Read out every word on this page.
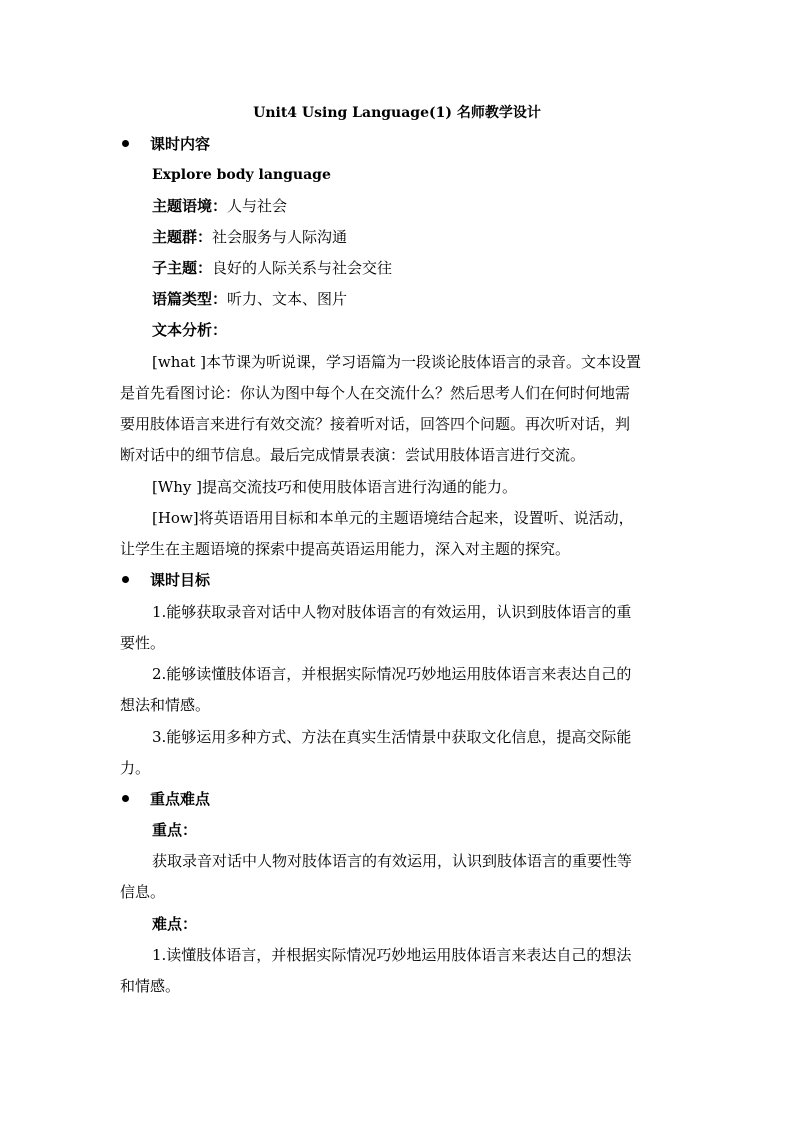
Unit4 Using Language(1) 名师教学设计
课时内容
Explore body language
主题语境：人与社会
主题群：社会服务与人际沟通
子主题：良好的人际关系与社会交往
语篇类型：听力、文本、图片
文本分析：
[what ]本节课为听说课，学习语篇为一段谈论肢体语言的录音。文本设置
是首先看图讨论：你认为图中每个人在交流什么？然后思考人们在何时何地需
要用肢体语言来进行有效交流？接着听对话，回答四个问题。再次听对话，判
断对话中的细节信息。最后完成情景表演：尝试用肢体语言进行交流。
[Why ]提高交流技巧和使用肢体语言进行沟通的能力。
[How]将英语语用目标和本单元的主题语境结合起来，设置听、说活动，
让学生在主题语境的探索中提高英语运用能力，深入对主题的探究。
课时目标
1.能够获取录音对话中人物对肢体语言的有效运用，认识到肢体语言的重
要性。
2.能够读懂肢体语言，并根据实际情况巧妙地运用肢体语言来表达自己的
想法和情感。
3.能够运用多种方式、方法在真实生活情景中获取文化信息，提高交际能
力。
重点难点
重点：
获取录音对话中人物对肢体语言的有效运用，认识到肢体语言的重要性等
信息。
难点：
1.读懂肢体语言，并根据实际情况巧妙地运用肢体语言来表达自己的想法
和情感。
